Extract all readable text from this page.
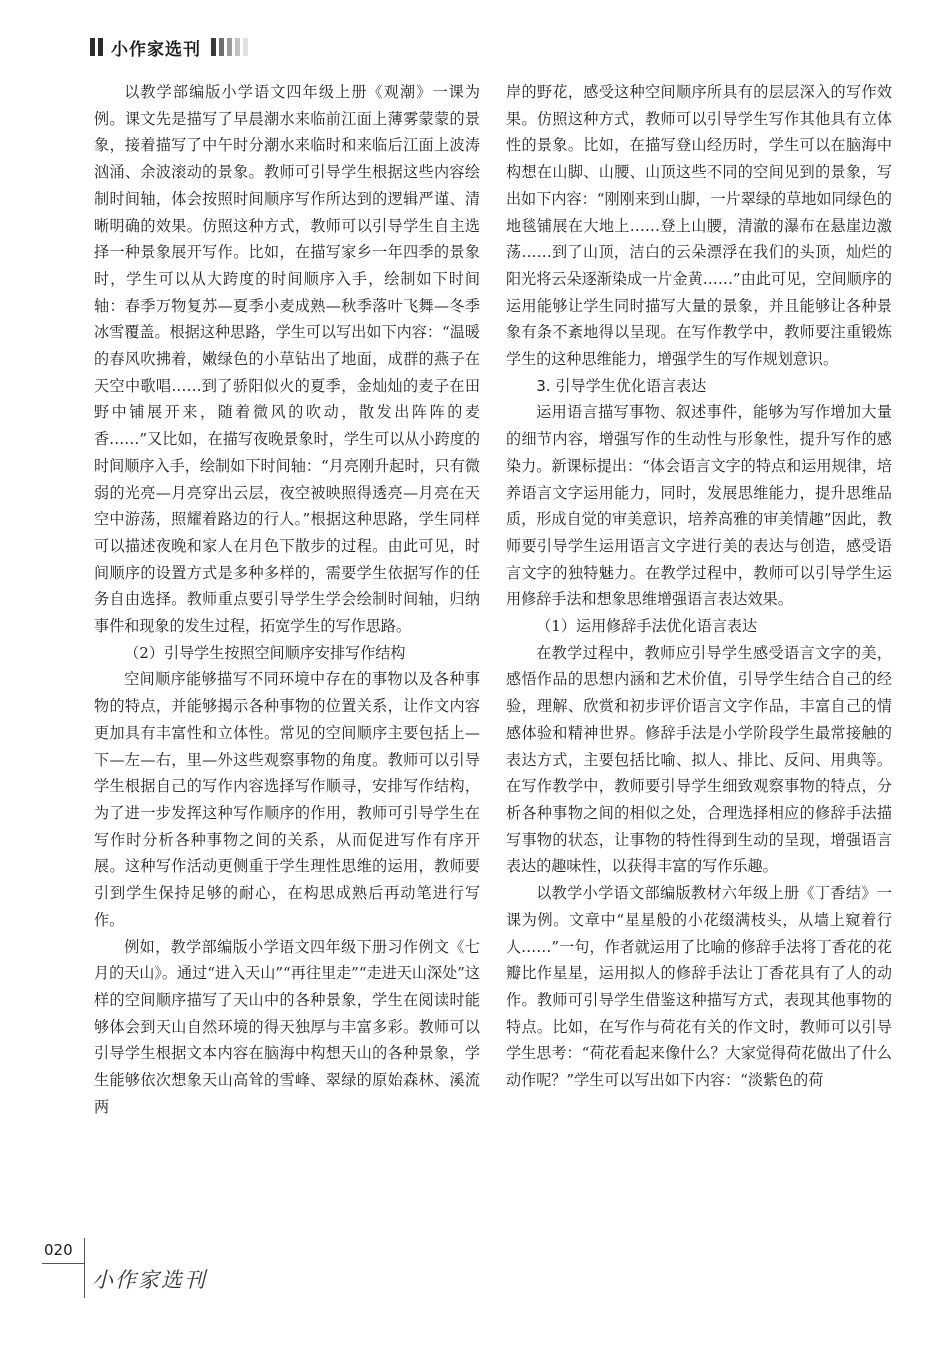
小作家选刊

以教学部编版小学语文四年级上册《观潮》一课为例。课文先是描写了早晨潮水来临前江面上薄雾蒙蒙的景象，接着描写了中午时分潮水来临时和来临后江面上波涛汹涌、余波滚动的景象。教师可引导学生根据这些内容绘制时间轴，体会按照时间顺序写作所达到的逻辑严谨、清晰明确的效果。仿照这种方式，教师可以引导学生自主选择一种景象展开写作。比如，在描写家乡一年四季的景象时，学生可以从大跨度的时间顺序入手，绘制如下时间轴：春季万物复苏—夏季小麦成熟—秋季落叶飞舞—冬季冰雪覆盖。根据这种思路，学生可以写出如下内容：“温暖的春风吹拂着，嫩绿色的小草钻出了地面，成群的燕子在天空中歌唱……到了骄阳似火的夏季，金灿灿的麦子在田野中铺展开来，随着微风的吹动，散发出阵阵的麦香……”又比如，在描写夜晚景象时，学生可以从小跨度的时间顺序入手，绘制如下时间轴：“月亮刚升起时，只有微弱的光亮—月亮穿出云层，夜空被映照得透亮—月亮在天空中游荡，照耀着路边的行人。”根据这种思路，学生同样可以描述夜晚和家人在月色下散步的过程。由此可见，时间顺序的设置方式是多种多样的，需要学生依据写作的任务自由选择。教师重点要引导学生学会绘制时间轴，归纳事件和现象的发生过程，拓宽学生的写作思路。

（2）引导学生按照空间顺序安排写作结构

空间顺序能够描写不同环境中存在的事物以及各种事物的特点，并能够揭示各种事物的位置关系，让作文内容更加具有丰富性和立体性。常见的空间顺序主要包括上—下—左—右，里—外这些观察事物的角度。教师可以引导学生根据自己的写作内容选择写作顺寻，安排写作结构，为了进一步发挥这种写作顺序的作用，教师可引导学生在写作时分析各种事物之间的关系，从而促进写作有序开展。这种写作活动更侧重于学生理性思维的运用，教师要引到学生保持足够的耐心，在构思成熟后再动笔进行写作。

例如，教学部编版小学语文四年级下册习作例文《七月的天山》。通过“进入天山”“再往里走”“走进天山深处”这样的空间顺序描写了天山中的各种景象，学生在阅读时能够体会到天山自然环境的得天独厚与丰富多彩。教师可以引导学生根据文本内容在脑海中构想天山的各种景象，学生能够依次想象天山高耸的雪峰、翠绿的原始森林、溪流两

岸的野花，感受这种空间顺序所具有的层层深入的写作效果。仿照这种方式，教师可以引导学生写作其他具有立体性的景象。比如，在描写登山经历时，学生可以在脑海中构想在山脚、山腰、山顶这些不同的空间见到的景象，写出如下内容：“刚刚来到山脚，一片翠绿的草地如同绿色的地毯铺展在大地上……登上山腰，清澈的瀑布在悬崖边激荡……到了山顶，洁白的云朵漂浮在我们的头顶，灿烂的阳光将云朵逐渐染成一片金黄……”由此可见，空间顺序的运用能够让学生同时描写大量的景象，并且能够让各种景象有条不紊地得以呈现。在写作教学中，教师要注重锻炼学生的这种思维能力，增强学生的写作规划意识。

3. 引导学生优化语言表达

运用语言描写事物、叙述事件，能够为写作增加大量的细节内容，增强写作的生动性与形象性，提升写作的感染力。新课标提出：“体会语言文字的特点和运用规律，培养语言文字运用能力，同时，发展思维能力，提升思维品质，形成自觉的审美意识，培养高雅的审美情趣”因此，教师要引导学生运用语言文字进行美的表达与创造，感受语言文字的独特魅力。在教学过程中，教师可以引导学生运用修辞手法和想象思维增强语言表达效果。

（1）运用修辞手法优化语言表达

在教学过程中，教师应引导学生感受语言文字的美，感悟作品的思想内涵和艺术价值，引导学生结合自己的经验，理解、欣赏和初步评价语言文字作品，丰富自己的情感体验和精神世界。修辞手法是小学阶段学生最常接触的表达方式，主要包括比喻、拟人、排比、反问、用典等。在写作教学中，教师要引导学生细致观察事物的特点，分析各种事物之间的相似之处，合理选择相应的修辞手法描写事物的状态，让事物的特性得到生动的呈现，增强语言表达的趣味性，以获得丰富的写作乐趣。

以教学小学语文部编版教材六年级上册《丁香结》一课为例。文章中“星星般的小花缀满枝头，从墙上窥着行人……”一句，作者就运用了比喻的修辞手法将丁香花的花瓣比作星星，运用拟人的修辞手法让丁香花具有了人的动作。教师可引导学生借鉴这种描写方式，表现其他事物的特点。比如，在写作与荷花有关的作文时，教师可以引导学生思考：“荷花看起来像什么？大家觉得荷花做出了什么动作呢？”学生可以写出如下内容：“淡紫色的荷

020
小作家选刊
